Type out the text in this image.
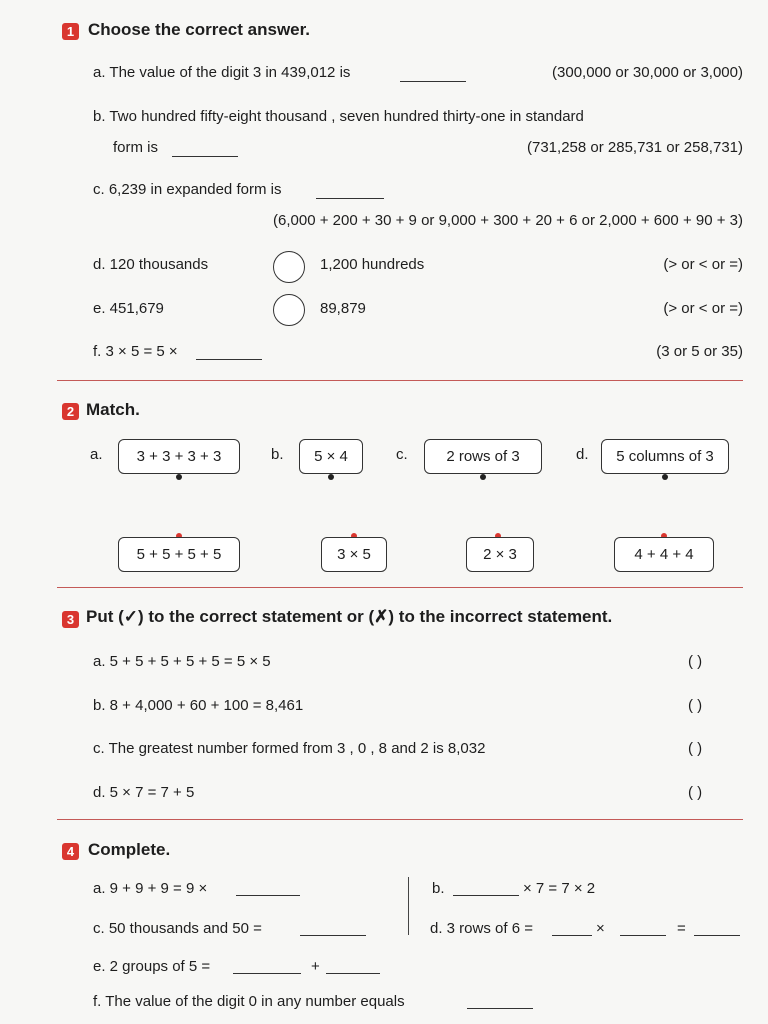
1 Choose the correct answer.
a. The value of the digit 3 in 439,012 is	(300,000 or 30,000 or 3,000)
b. Two hundred fifty-eight thousand , seven hundred thirty-one in standard
form is	(731,258 or 285,731 or 258,731)
c. 6,239 in expanded form is
(6,000 + 200 + 30 + 9 or 9,000 + 300 + 20 + 6 or 2,000 + 600 + 90 + 3)
d. 120 thousands	1,200 hundreds	(> or < or =)
e. 451,679	89,879	(> or < or =)
f. 3 × 5 = 5 ×	(3 or 5 or 35)
2 Match.
a.	3 + 3 + 3 + 3	b.	5 × 4	c.	2 rows of 3	d.	5 columns of 3
5 + 5 + 5 + 5	3 × 5	2 × 3	4 + 4 + 4
3 Put (✓) to the correct statement or (✗) to the incorrect statement.
a. 5 + 5 + 5 + 5 + 5 = 5 × 5	( )
b. 8 + 4,000 + 60 + 100 = 8,461	( )
c. The greatest number formed from 3 , 0 , 8 and 2 is 8,032	( )
d. 5 × 7 = 7 + 5	( )
4 Complete.
a. 9 + 9 + 9 = 9 ×	b.	× 7 = 7 × 2
c. 50 thousands and 50 =	d. 3 rows of 6 =	×	=
e. 2 groups of 5 =	+
f. The value of the digit 0 in any number equals
